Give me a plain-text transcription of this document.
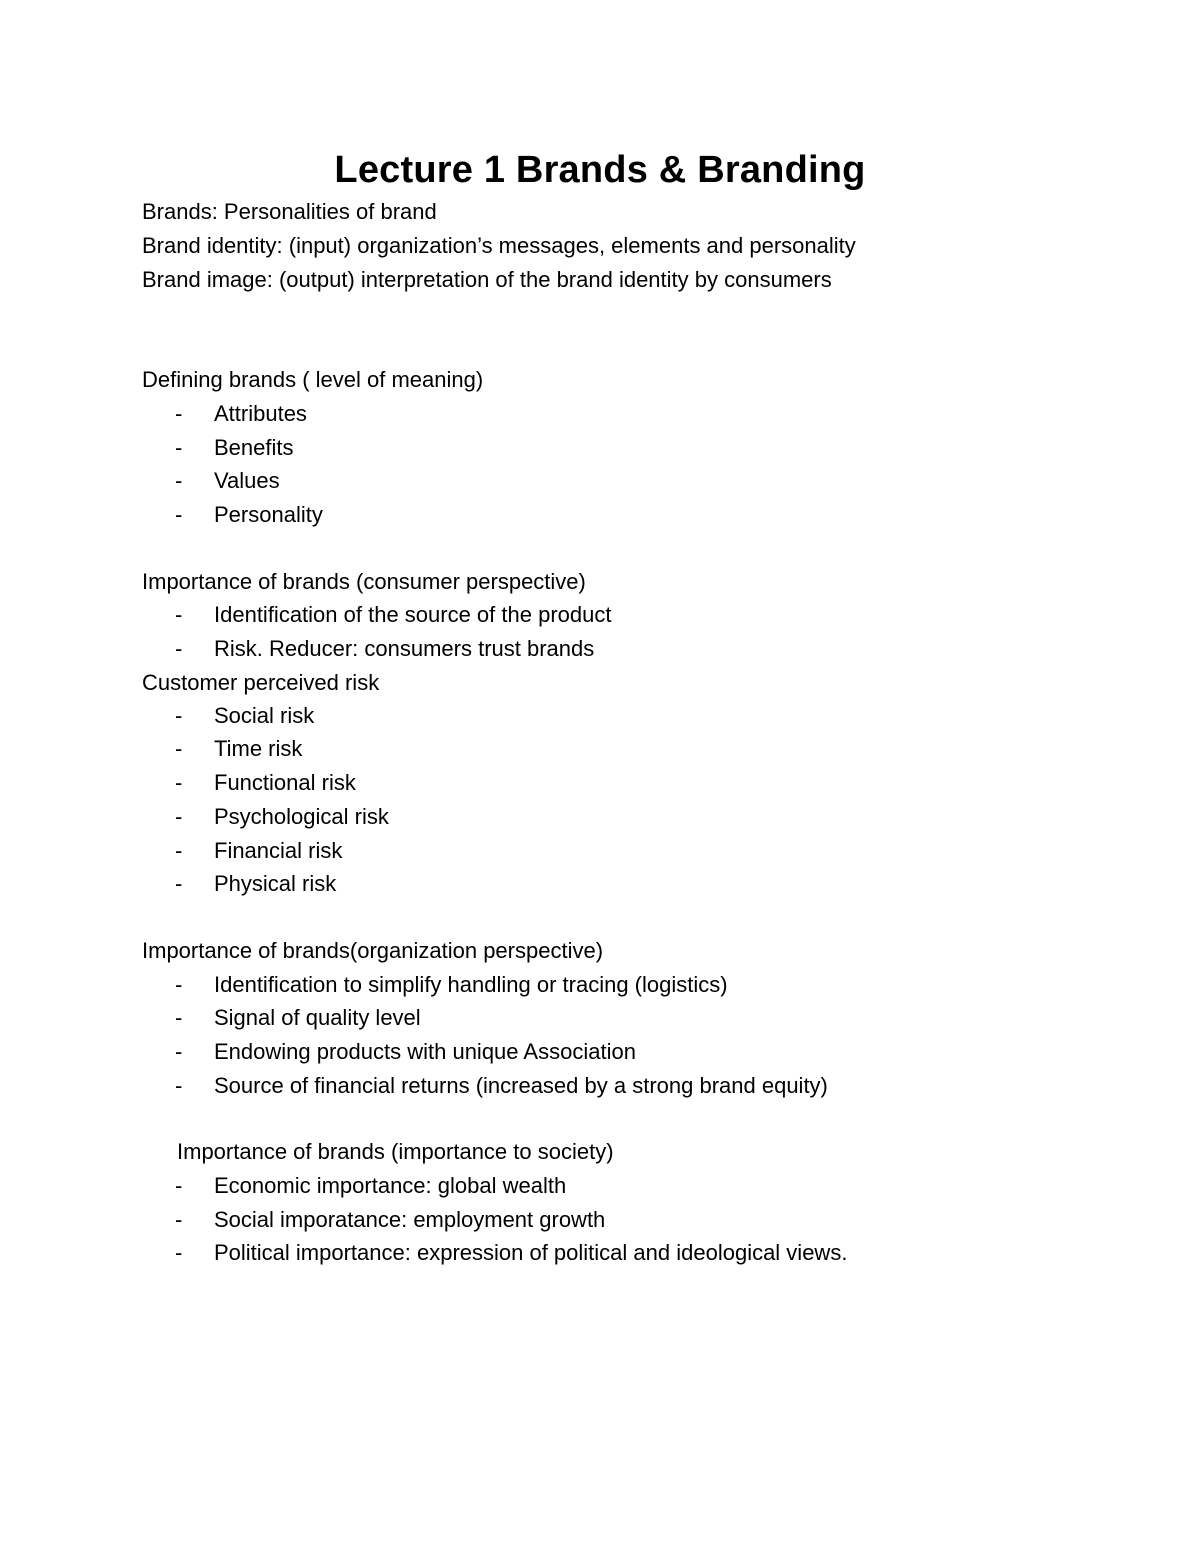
Lecture 1 Brands & Branding
Brands: Personalities of brand
Brand identity: (input) organization’s messages, elements and personality
Brand image: (output) interpretation of the brand identity by consumers
Defining brands ( level of meaning)
- Attributes
- Benefits
- Values
- Personality
Importance of brands (consumer perspective)
- Identification of the source of the product
- Risk. Reducer: consumers trust brands
Customer perceived risk
- Social risk
- Time risk
- Functional risk
- Psychological risk
- Financial risk
- Physical risk
Importance of brands(organization perspective)
- Identification to simplify handling or tracing (logistics)
- Signal of quality level
- Endowing products with unique Association
- Source of financial returns (increased by a strong brand equity)
Importance of brands (importance to society)
- Economic importance: global wealth
- Social imporatance: employment growth
- Political importance: expression of political and ideological views.
